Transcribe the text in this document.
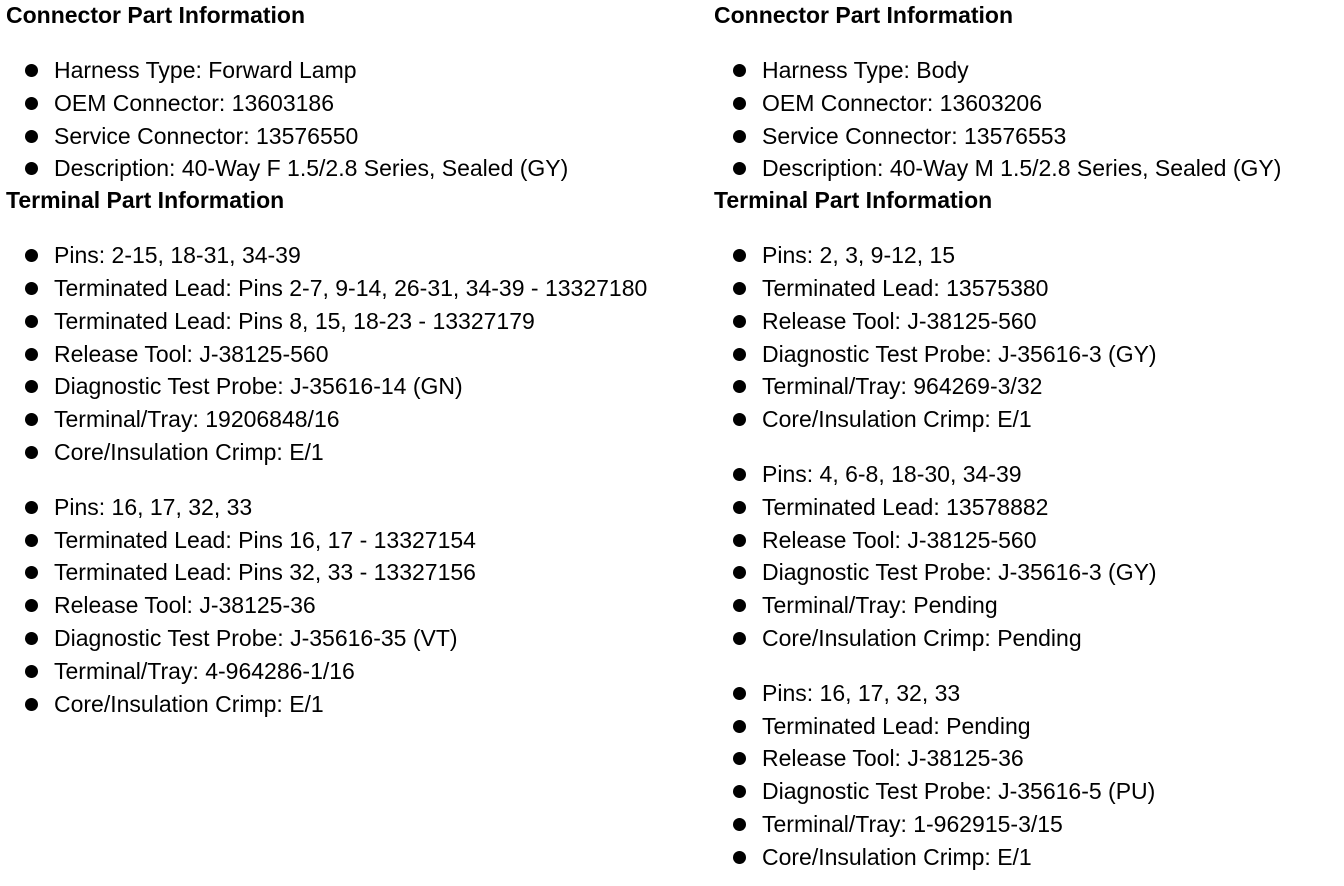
Connector Part Information
Harness Type: Forward Lamp
OEM Connector: 13603186
Service Connector: 13576550
Description: 40-Way F 1.5/2.8 Series, Sealed (GY)
Terminal Part Information
Pins: 2-15, 18-31, 34-39
Terminated Lead: Pins 2-7, 9-14, 26-31, 34-39 - 13327180
Terminated Lead: Pins 8, 15, 18-23 - 13327179
Release Tool: J-38125-560
Diagnostic Test Probe: J-35616-14 (GN)
Terminal/Tray: 19206848/16
Core/Insulation Crimp: E/1
Pins: 16, 17, 32, 33
Terminated Lead: Pins 16, 17 - 13327154
Terminated Lead: Pins 32, 33 - 13327156
Release Tool: J-38125-36
Diagnostic Test Probe: J-35616-35 (VT)
Terminal/Tray: 4-964286-1/16
Core/Insulation Crimp: E/1
Connector Part Information
Harness Type: Body
OEM Connector: 13603206
Service Connector: 13576553
Description: 40-Way M 1.5/2.8 Series, Sealed (GY)
Terminal Part Information
Pins: 2, 3, 9-12, 15
Terminated Lead: 13575380
Release Tool: J-38125-560
Diagnostic Test Probe: J-35616-3 (GY)
Terminal/Tray: 964269-3/32
Core/Insulation Crimp: E/1
Pins: 4, 6-8, 18-30, 34-39
Terminated Lead: 13578882
Release Tool: J-38125-560
Diagnostic Test Probe: J-35616-3 (GY)
Terminal/Tray: Pending
Core/Insulation Crimp: Pending
Pins: 16, 17, 32, 33
Terminated Lead: Pending
Release Tool: J-38125-36
Diagnostic Test Probe: J-35616-5 (PU)
Terminal/Tray: 1-962915-3/15
Core/Insulation Crimp: E/1
